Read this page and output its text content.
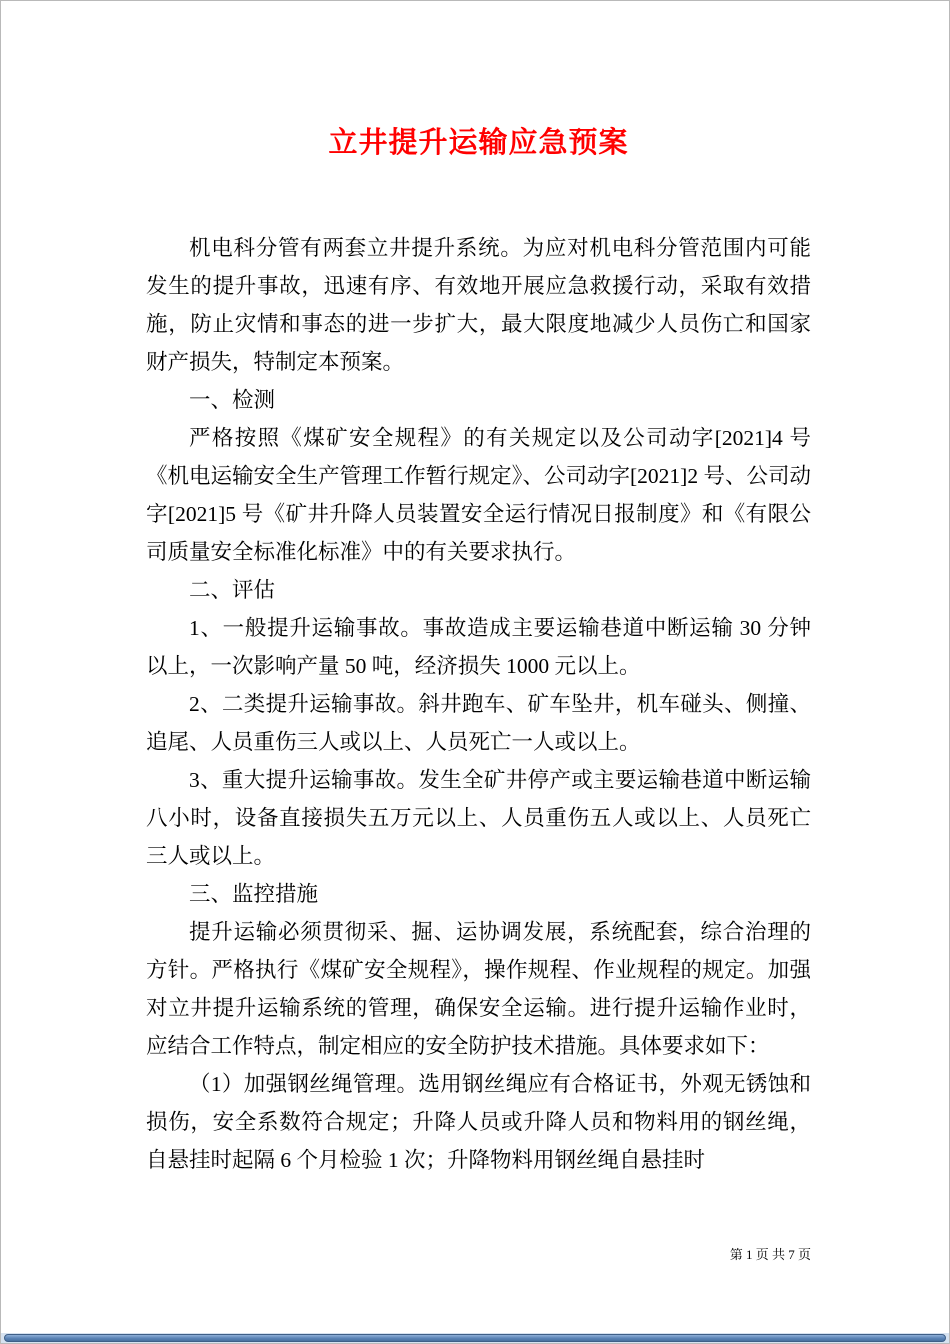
立井提升运输应急预案

机电科分管有两套立井提升系统。为应对机电科分管范围内可能发生的提升事故，迅速有序、有效地开展应急救援行动，采取有效措施，防止灾情和事态的进一步扩大，最大限度地减少人员伤亡和国家财产损失，特制定本预案。

一、检测

严格按照《煤矿安全规程》的有关规定以及公司动字[2021]4 号《机电运输安全生产管理工作暂行规定》、公司动字[2021]2 号、公司动字[2021]5 号《矿井升降人员装置安全运行情况日报制度》和《有限公司质量安全标准化标准》中的有关要求执行。

二、评估

1、一般提升运输事故。事故造成主要运输巷道中断运输 30 分钟以上，一次影响产量 50 吨，经济损失 1000 元以上。

2、二类提升运输事故。斜井跑车、矿车坠井，机车碰头、侧撞、追尾、人员重伤三人或以上、人员死亡一人或以上。

3、重大提升运输事故。发生全矿井停产或主要运输巷道中断运输八小时，设备直接损失五万元以上、人员重伤五人或以上、人员死亡三人或以上。

三、监控措施

提升运输必须贯彻采、掘、运协调发展，系统配套，综合治理的方针。严格执行《煤矿安全规程》，操作规程、作业规程的规定。加强对立井提升运输系统的管理，确保安全运输。进行提升运输作业时，应结合工作特点，制定相应的安全防护技术措施。具体要求如下：

（1）加强钢丝绳管理。选用钢丝绳应有合格证书，外观无锈蚀和损伤，安全系数符合规定；升降人员或升降人员和物料用的钢丝绳，自悬挂时起隔 6 个月检验 1 次；升降物料用钢丝绳自悬挂时

第 1 页 共 7 页
